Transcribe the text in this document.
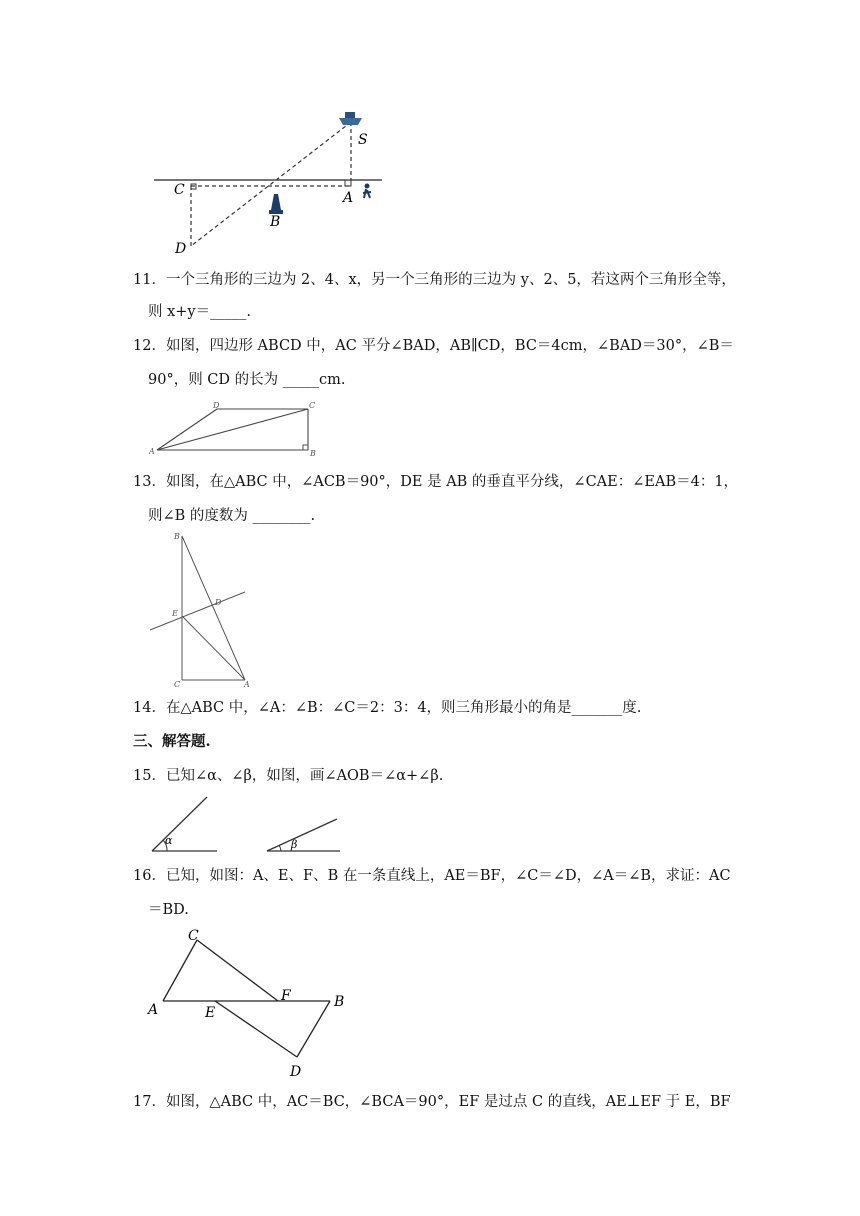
S
C	A
B
D
11．一个三角形的三边为 2、4、x，另一个三角形的三边为 y、2、5，若这两个三角形全等，
则 x+y＝_____.
12．如图，四边形 ABCD 中，AC 平分∠BAD，AB∥CD，BC＝4cm，∠BAD＝30°，∠B＝
90°，则 CD 的长为 _____cm.
D	C
A	B
13．如图，在△ABC 中，∠ACB＝90°，DE 是 AB 的垂直平分线，∠CAE：∠EAB＝4：1，
则∠B 的度数为 ________.
B
D
E
C	A
14．在△ABC 中，∠A：∠B：∠C＝2：3：4，则三角形最小的角是_______度.
三、解答题.
15．已知∠α、∠β，如图，画∠AOB＝∠α+∠β.
α	β
16．已知，如图：A、E、F、B 在一条直线上，AE＝BF，∠C＝∠D，∠A＝∠B，求证：AC
＝BD.
C
A	E
F	B
D
17．如图，△ABC 中，AC＝BC，∠BCA＝90°，EF 是过点 C 的直线，AE⊥EF 于 E，BF
